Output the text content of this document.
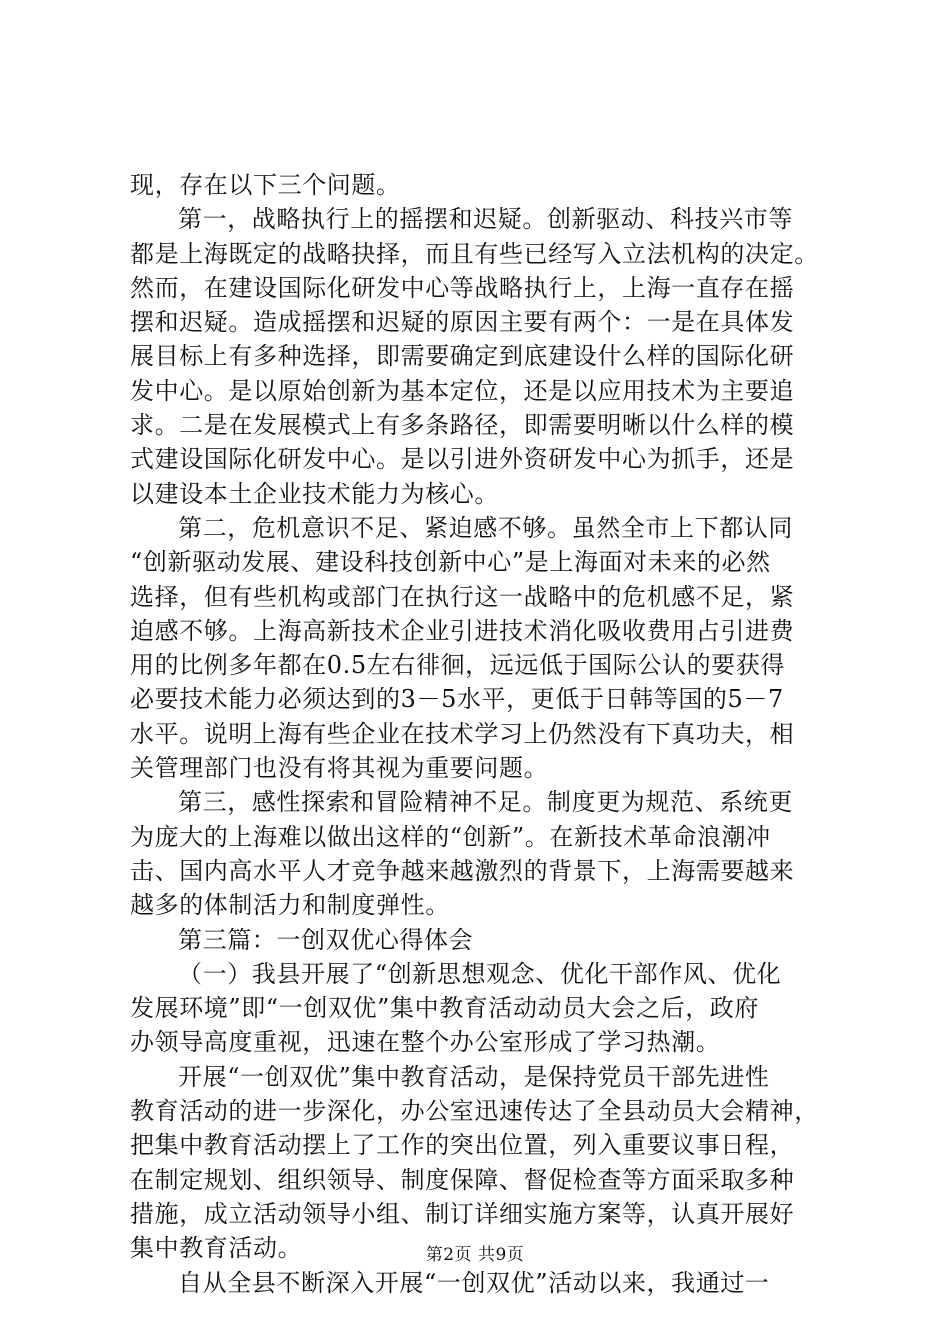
现，存在以下三个问题。
第一，战略执行上的摇摆和迟疑。创新驱动、科技兴市等
都是上海既定的战略抉择，而且有些已经写入立法机构的决定。
然而，在建设国际化研发中心等战略执行上，上海一直存在摇
摆和迟疑。造成摇摆和迟疑的原因主要有两个：一是在具体发
展目标上有多种选择，即需要确定到底建设什么样的国际化研
发中心。是以原始创新为基本定位，还是以应用技术为主要追
求。二是在发展模式上有多条路径，即需要明晰以什么样的模
式建设国际化研发中心。是以引进外资研发中心为抓手，还是
以建设本土企业技术能力为核心。
第二，危机意识不足、紧迫感不够。虽然全市上下都认同
“创新驱动发展、建设科技创新中心”是上海面对未来的必然
选择，但有些机构或部门在执行这一战略中的危机感不足，紧
迫感不够。上海高新技术企业引进技术消化吸收费用占引进费
用的比例多年都在0.5左右徘徊，远远低于国际公认的要获得
必要技术能力必须达到的3－5水平，更低于日韩等国的5－7
水平。说明上海有些企业在技术学习上仍然没有下真功夫，相
关管理部门也没有将其视为重要问题。
第三，感性探索和冒险精神不足。制度更为规范、系统更
为庞大的上海难以做出这样的“创新”。在新技术革命浪潮冲
击、国内高水平人才竞争越来越激烈的背景下，上海需要越来
越多的体制活力和制度弹性。
第三篇：一创双优心得体会
（一）我县开展了“创新思想观念、优化干部作风、优化
发展环境”即“一创双优”集中教育活动动员大会之后，政府
办领导高度重视，迅速在整个办公室形成了学习热潮。
开展“一创双优”集中教育活动，是保持党员干部先进性
教育活动的进一步深化，办公室迅速传达了全县动员大会精神，
把集中教育活动摆上了工作的突出位置，列入重要议事日程，
在制定规划、组织领导、制度保障、督促检查等方面采取多种
措施，成立活动领导小组、制订详细实施方案等，认真开展好
集中教育活动。
自从全县不断深入开展“一创双优”活动以来，我通过一
第2页 共9页
